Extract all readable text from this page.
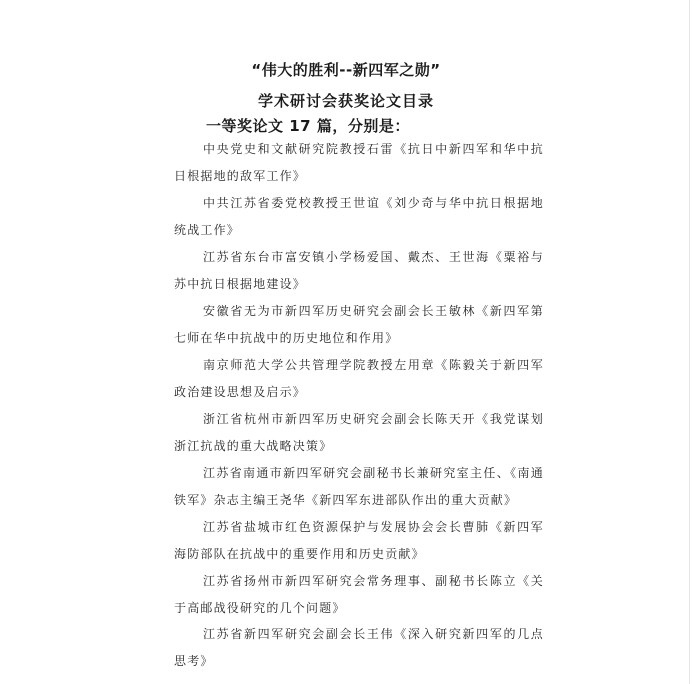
“伟大的胜利--新四军之勋”
学术研讨会获奖论文目录
一等奖论文 17 篇，分别是：

中央党史和文献研究院教授石雷《抗日中新四军和华中抗日根据地的敌军工作》

中共江苏省委党校教授王世谊《刘少奇与华中抗日根据地统战工作》

江苏省东台市富安镇小学杨爱国、戴杰、王世海《粟裕与苏中抗日根据地建设》

安徽省无为市新四军历史研究会副会长王敏林《新四军第七师在华中抗战中的历史地位和作用》

南京师范大学公共管理学院教授左用章《陈毅关于新四军政治建设思想及启示》

浙江省杭州市新四军历史研究会副会长陈天开《我党谋划浙江抗战的重大战略决策》

江苏省南通市新四军研究会副秘书长兼研究室主任、《南通铁军》杂志主编王尧华《新四军东进部队作出的重大贡献》

江苏省盐城市红色资源保护与发展协会会长曹肺《新四军海防部队在抗战中的重要作用和历史贡献》

江苏省扬州市新四军研究会常务理事、副秘书长陈立《关于高邮战役研究的几个问题》

江苏省新四军研究会副会长王伟《深入研究新四军的几点思考》
